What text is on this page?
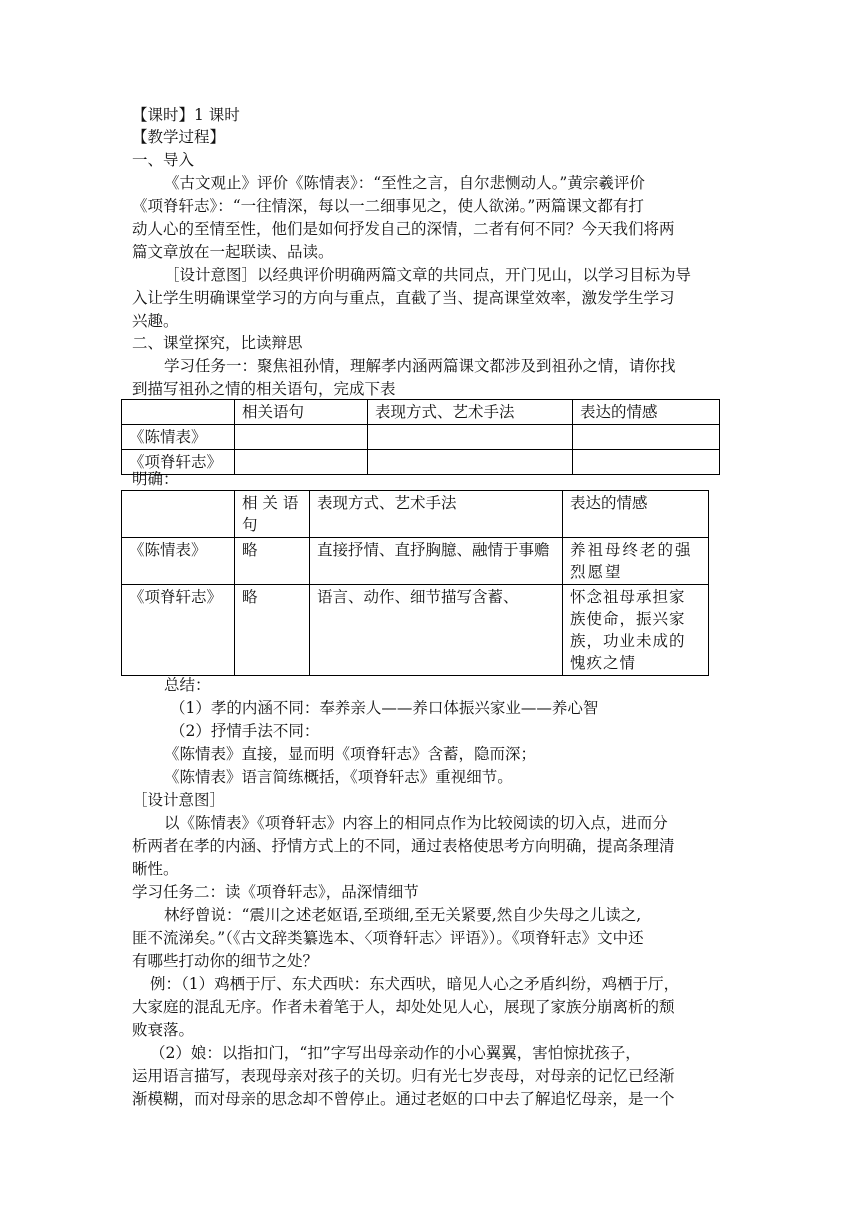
【课时】1 课时
【教学过程】
一、导入
《古文观止》评价《陈情表》：“至性之言，自尔悲恻动人。”黄宗羲评价
《项脊轩志》：“一往情深，每以一二细事见之，使人欲涕。”两篇课文都有打
动人心的至情至性，他们是如何抒发自己的深情，二者有何不同？今天我们将两
篇文章放在一起联读、品读。
［设计意图］以经典评价明确两篇文章的共同点，开门见山，以学习目标为导
入让学生明确课堂学习的方向与重点，直截了当、提高课堂效率，激发学生学习
兴趣。
二、课堂探究，比读辩思
学习任务一：聚焦祖孙情，理解孝内涵两篇课文都涉及到祖孙之情，请你找
到描写祖孙之情的相关语句，完成下表
	相关语句	表现方式、艺术手法	表达的情感
《陈情表》			
《项脊轩志》			
明确：
	相 关 语 句	表现方式、艺术手法	表达的情感
《陈情表》	略	直接抒情、直抒胸臆、融情于事赡	养祖母终老的强烈愿望
《项脊轩志》	略	语言、动作、细节描写含蓄、	怀念祖母承担家族使命，振兴家族，功业未成的愧疚之情
总结：
（1）孝的内涵不同：奉养亲人——养口体振兴家业——养心智
（2）抒情手法不同：
《陈情表》直接，显而明《项脊轩志》含蓄，隐而深；
《陈情表》语言简练概括，《项脊轩志》重视细节。
［设计意图］
以《陈情表》《项脊轩志》内容上的相同点作为比较阅读的切入点，进而分
析两者在孝的内涵、抒情方式上的不同，通过表格使思考方向明确，提高条理清
晰性。
学习任务二：读《项脊轩志》，品深情细节
林纾曾说：“震川之述老妪语,至琐细,至无关紧要,然自少失母之儿读之,
匪不流涕矣。”（《古文辞类纂选本、〈项脊轩志〉评语》）。《项脊轩志》文中还
有哪些打动你的细节之处？
例：（1）鸡栖于厅、东犬西吠：东犬西吠，暗见人心之矛盾纠纷，鸡栖于厅，
大家庭的混乱无序。作者未着笔于人，却处处见人心，展现了家族分崩离析的颓
败衰落。
（2）娘：以指扣门，“扣”字写出母亲动作的小心翼翼，害怕惊扰孩子，
运用语言描写，表现母亲对孩子的关切。归有光七岁丧母，对母亲的记忆已经渐
渐模糊，而对母亲的思念却不曾停止。通过老妪的口中去了解追忆母亲，是一个
